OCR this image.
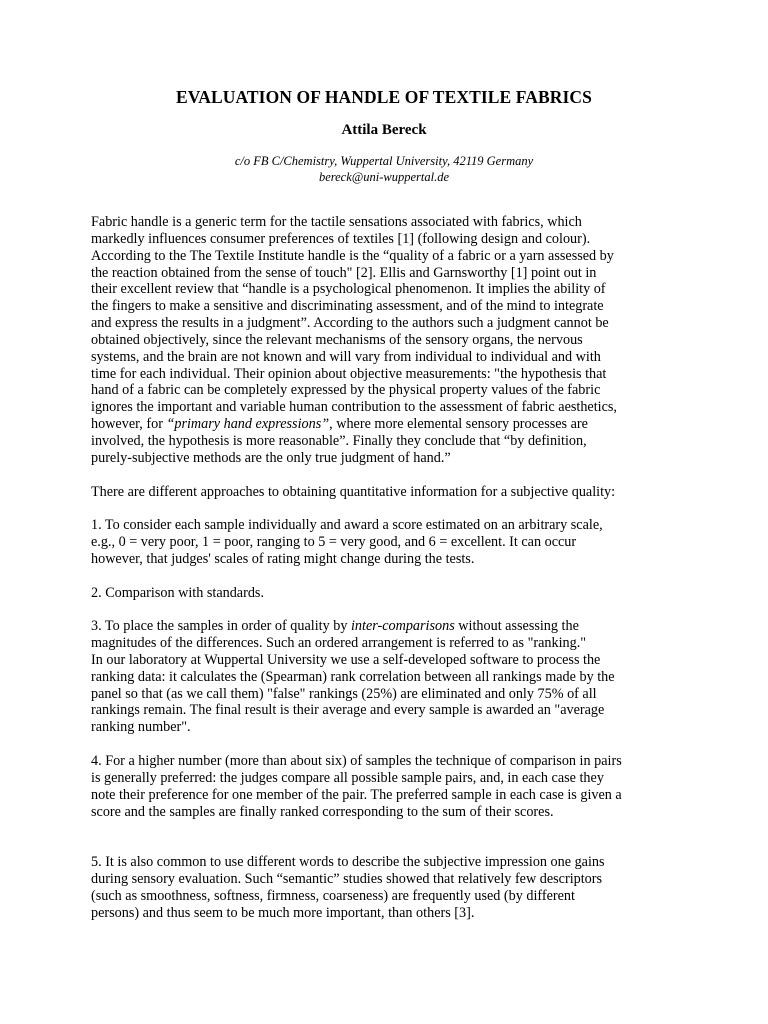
EVALUATION OF HANDLE OF TEXTILE FABRICS
Attila Bereck
c/o FB C/Chemistry, Wuppertal University, 42119 Germany
bereck@uni-wuppertal.de

Fabric handle is a generic term for the tactile sensations associated with fabrics, which
markedly influences consumer preferences of textiles [1] (following design and colour).
According to the The Textile Institute handle is the “quality of a fabric or a yarn assessed by
the reaction obtained from the sense of touch" [2]. Ellis and Garnsworthy [1] point out in
their excellent review that “handle is a psychological phenomenon. It implies the ability of
the fingers to make a sensitive and discriminating assessment, and of the mind to integrate
and express the results in a judgment”. According to the authors such a judgment cannot be
obtained objectively, since the relevant mechanisms of the sensory organs, the nervous
systems, and the brain are not known and will vary from individual to individual and with
time for each individual. Their opinion about objective measurements: "the hypothesis that
hand of a fabric can be completely expressed by the physical property values of the fabric
ignores the important and variable human contribution to the assessment of fabric aesthetics,
however, for “primary hand expressions”, where more elemental sensory processes are
involved, the hypothesis is more reasonable”. Finally they conclude that “by definition,
purely-subjective methods are the only true judgment of hand.”

There are different approaches to obtaining quantitative information for a subjective quality:

1. To consider each sample individually and award a score estimated on an arbitrary scale,
e.g., 0 = very poor, 1 = poor, ranging to 5 = very good, and 6 = excellent. It can occur
however, that judges' scales of rating might change during the tests.

2. Comparison with standards.

3. To place the samples in order of quality by inter-comparisons without assessing the
magnitudes of the differences. Such an ordered arrangement is referred to as "ranking."
In our laboratory at Wuppertal University we use a self-developed software to process the
ranking data: it calculates the (Spearman) rank correlation between all rankings made by the
panel so that (as we call them) "false" rankings (25%) are eliminated and only 75% of all
rankings remain. The final result is their average and every sample is awarded an "average
ranking number".

4. For a higher number (more than about six) of samples the technique of comparison in pairs
is generally preferred: the judges compare all possible sample pairs, and, in each case they
note their preference for one member of the pair. The preferred sample in each case is given a
score and the samples are finally ranked corresponding to the sum of their scores.

5. It is also common to use different words to describe the subjective impression one gains
during sensory evaluation. Such “semantic” studies showed that relatively few descriptors
(such as smoothness, softness, firmness, coarseness) are frequently used (by different
persons) and thus seem to be much more important, than others [3].
